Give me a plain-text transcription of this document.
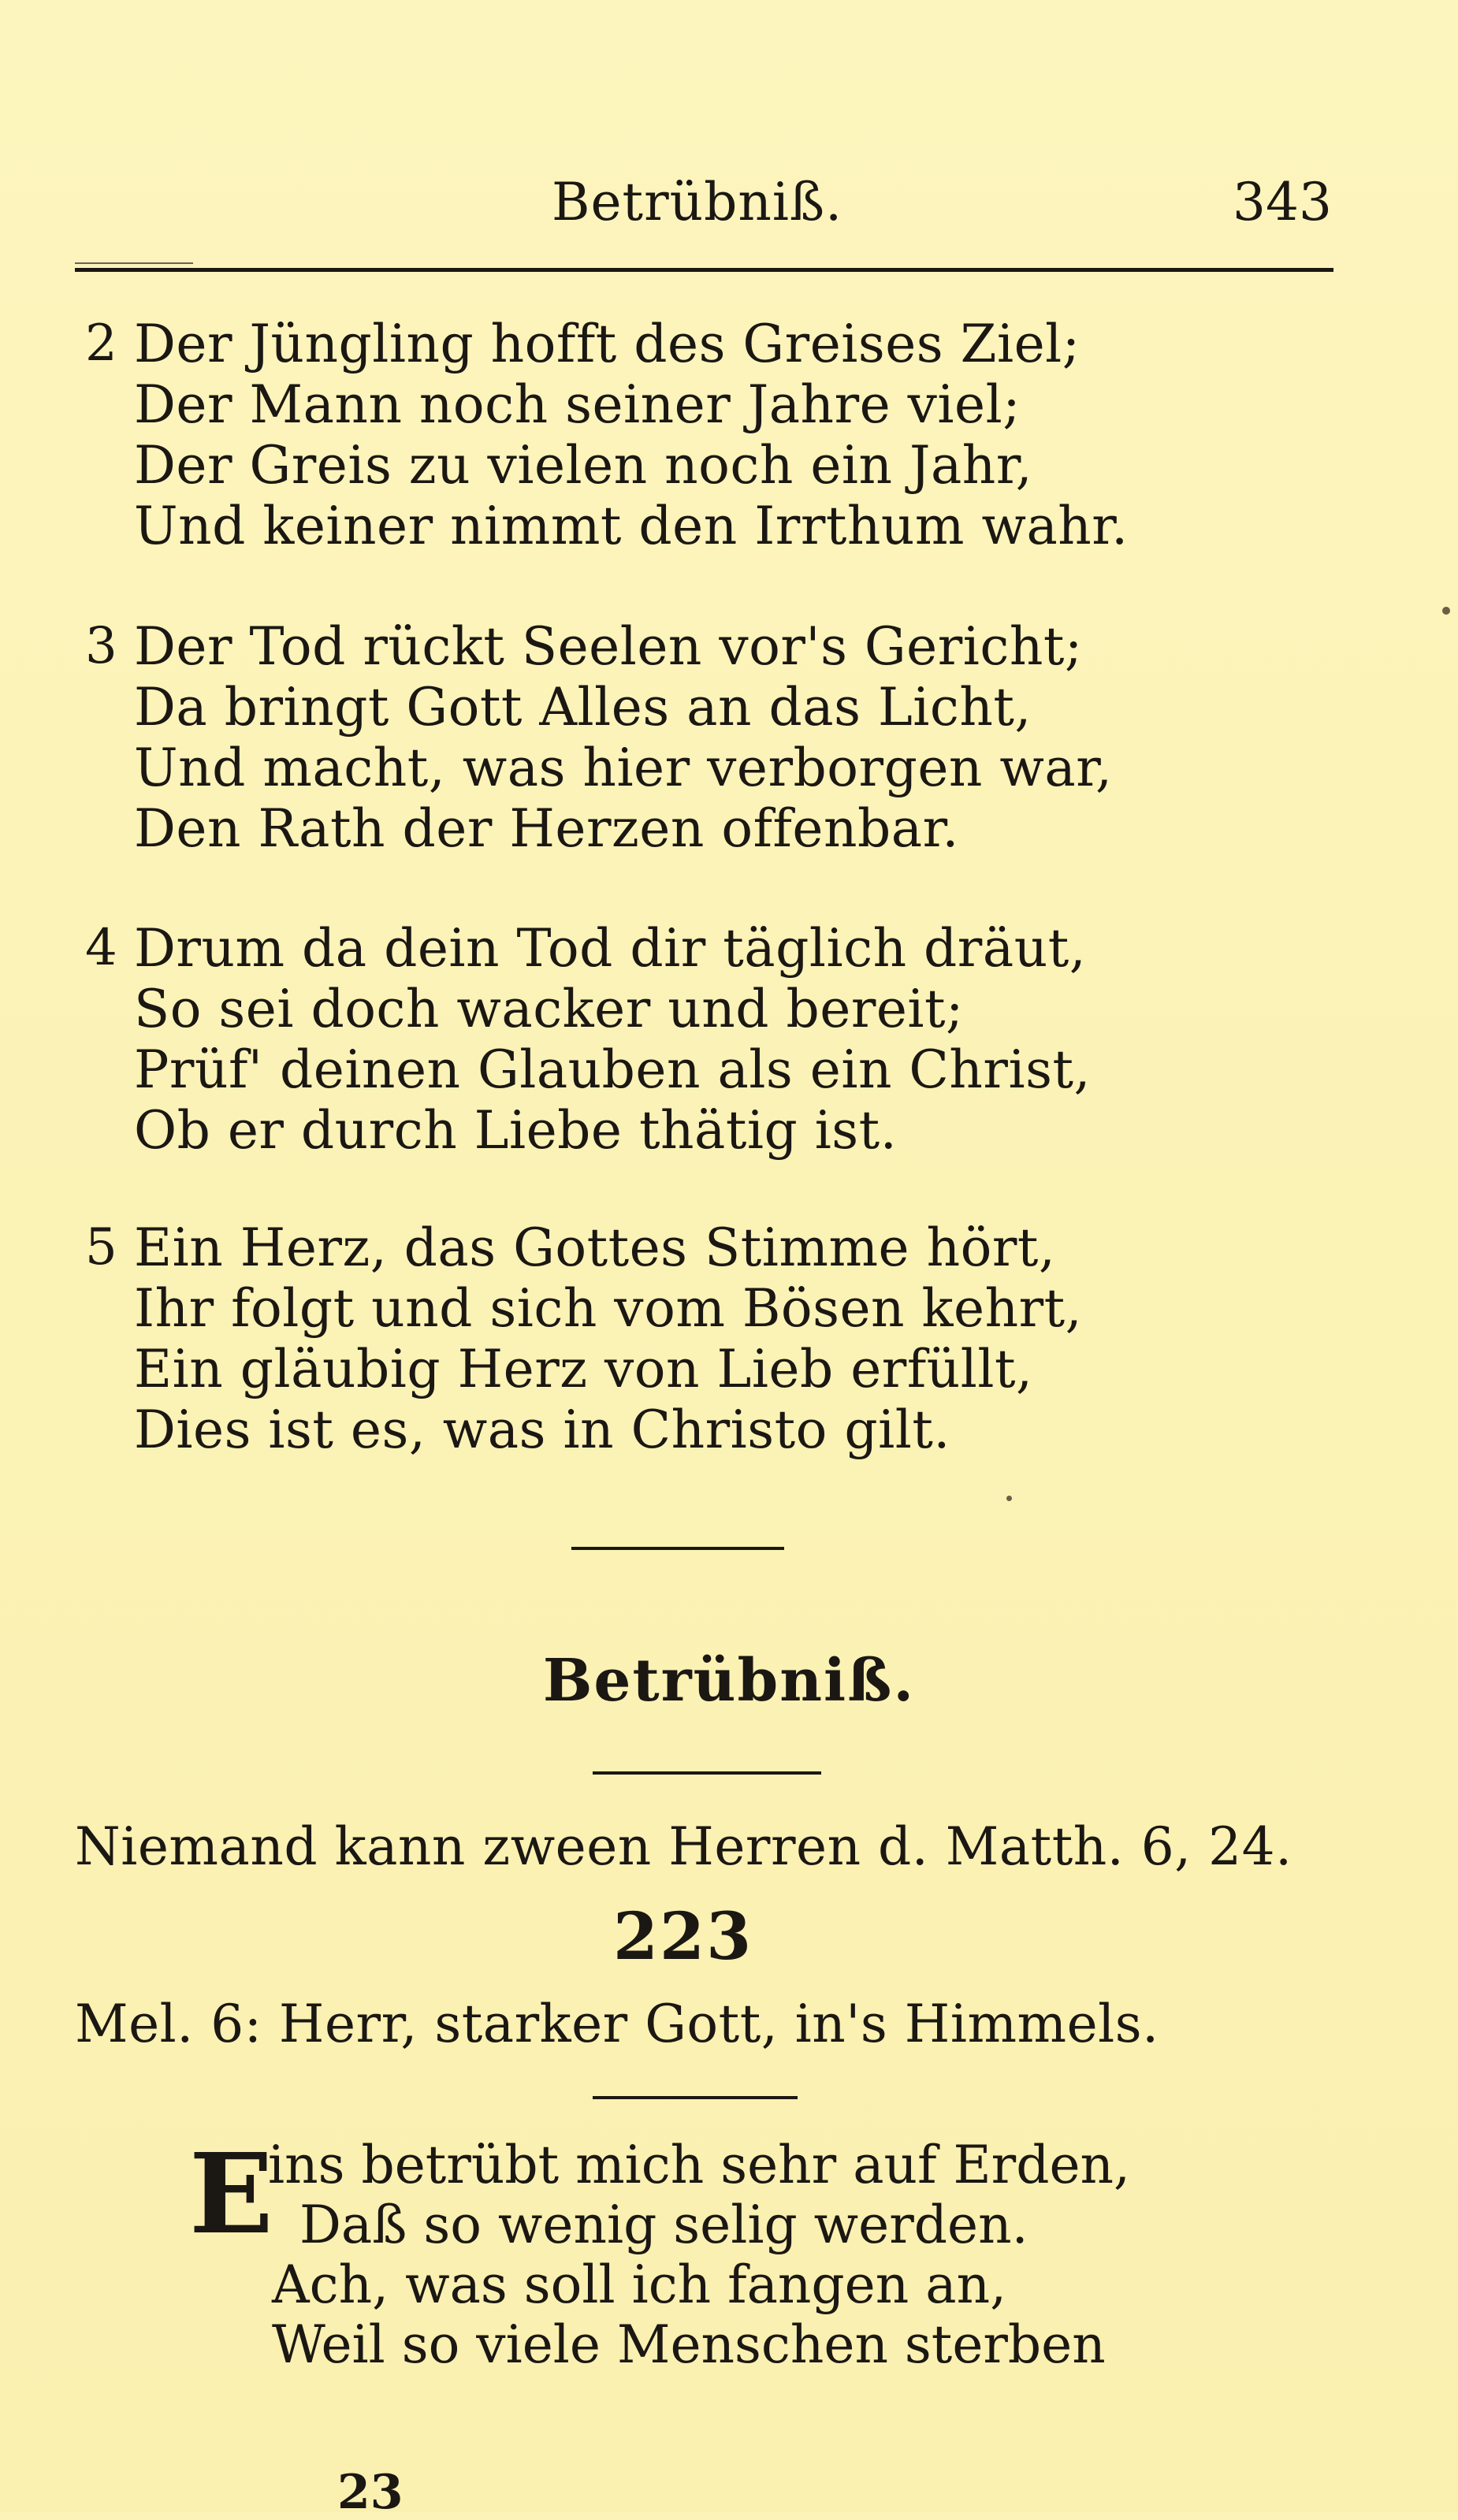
Betrübniß.	343
2 Der Jüngling hofft des Greises Ziel;
Der Mann noch seiner Jahre viel;
Der Greis zu vielen noch ein Jahr,
Und keiner nimmt den Irrthum wahr.
3 Der Tod rückt Seelen vor's Gericht;
Da bringt Gott Alles an das Licht,
Und macht, was hier verborgen war,
Den Rath der Herzen offenbar.
4 Drum da dein Tod dir täglich dräut,
So sei doch wacker und bereit;
Prüf' deinen Glauben als ein Christ,
Ob er durch Liebe thätig ist.
5 Ein Herz, das Gottes Stimme hört,
Ihr folgt und sich vom Bösen kehrt,
Ein gläubig Herz von Lieb erfüllt,
Dies ist es, was in Christo gilt.
Betrübniß.
Niemand kann zween Herren d. Matth. 6, 24.
223
Mel. 6: Herr, starker Gott, in's Himmels.
E
ins betrübt mich sehr auf Erden,
Daß so wenig selig werden.
Ach, was soll ich fangen an,
Weil so viele Menschen sterben
23
